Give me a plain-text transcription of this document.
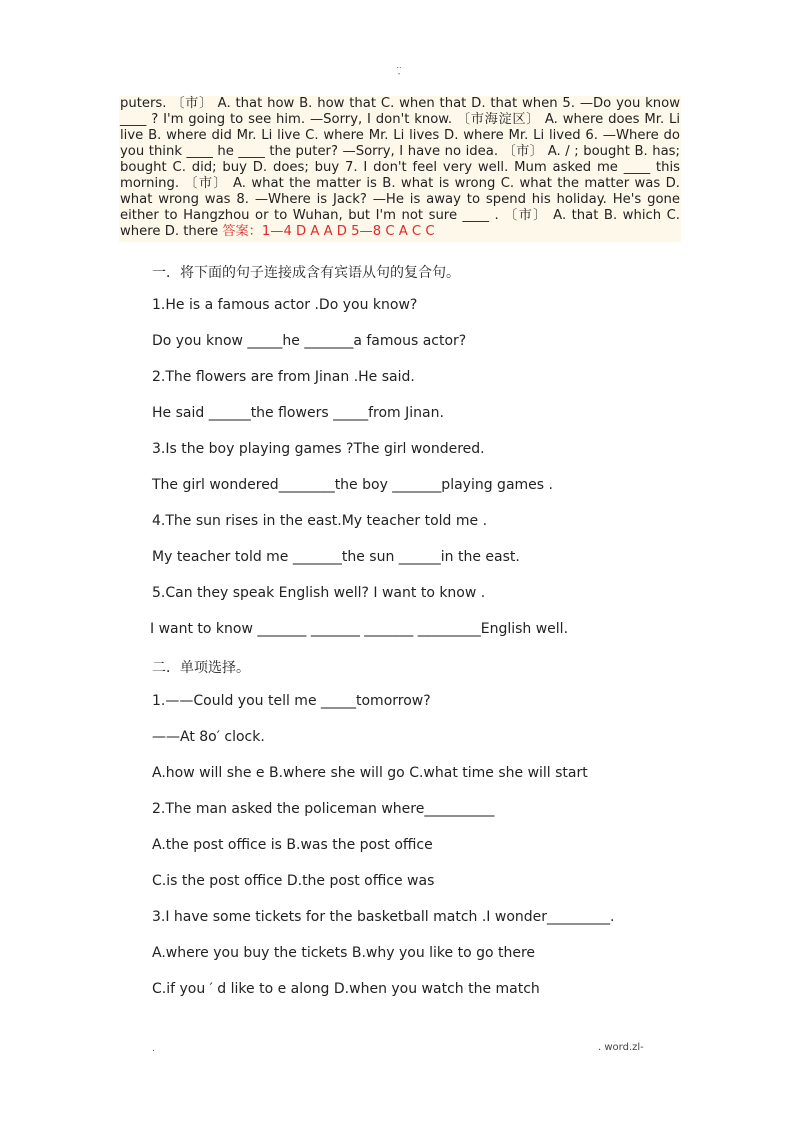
..
-
puters. 〔市〕 A. that how B. how that C. when that D. that when 5. —Do you know ____ ? I'm going to see him. —Sorry, I don't know. 〔市海淀区〕 A. where does Mr. Li live B. where did Mr. Li live C. where Mr. Li lives D. where Mr. Li lived 6. —Where do you think ____ he ____ the puter? —Sorry, I have no idea. 〔市〕 A. / ; bought B. has; bought C. did; buy D. does; buy 7. I don't feel very well. Mum asked me ____ this morning. 〔市〕 A. what the matter is B. what is wrong C. what the matter was D. what wrong was 8. —Where is Jack? —He is away to spend his holiday. He's gone either to Hangzhou or to Wuhan, but I'm not sure ____ . 〔市〕 A. that B. which C. where D. there 答案：1—4 D A A D 5—8 C A C C
一．将下面的句子连接成含有宾语从句的复合句。
1.He is a famous actor .Do you know?
Do you know _____he _______a famous actor?
2.The flowers are from Jinan .He said.
He said ______the flowers _____from Jinan.
3.Is the boy playing games ?The girl wondered.
The girl wondered________the boy _______playing games .
4.The sun rises in the east.My teacher told me .
My teacher told me _______the sun ______in the east.
5.Can they speak English well? I want to know .
I want to know _______ _______ _______ _________English well.
二．单项选择。
1.——Could you tell me _____tomorrow?
——At 8o′ clock.
A.how will she e B.where she will go C.what time she will start
2.The man asked the policeman where__________
A.the post office is B.was the post office
C.is the post office D.the post office was
3.I have some tickets for the basketball match .I wonder_________.
A.where you buy the tickets B.why you like to go there
C.if you ′ d like to e along D.when you watch the match
.	. word.zl-
